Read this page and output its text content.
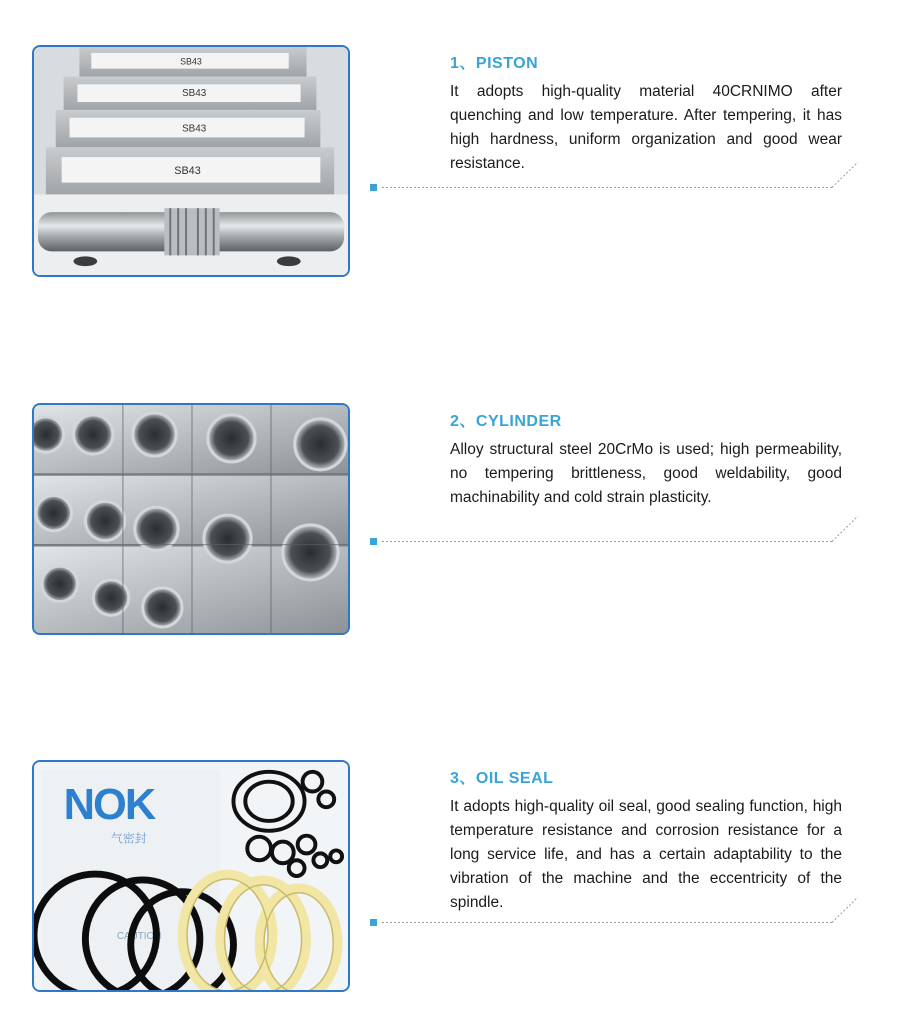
SB43
SB43
SB43
SB43
1、PISTON
It adopts high-quality material 40CRNIMO after quenching and low temperature. After tempering, it has high hardness, uniform organization and good wear resistance.
2、CYLINDER
Alloy structural steel 20CrMo is used; high permeability, no tempering brittleness, good weldability, good machinability and cold strain plasticity.
NOK
气密封
CAUTION
3、OIL SEAL
It adopts high-quality oil seal, good sealing function, high temperature resistance and corrosion resistance for a long service life, and has a certain adaptability to the vibration of the machine and the eccentricity of the spindle.
